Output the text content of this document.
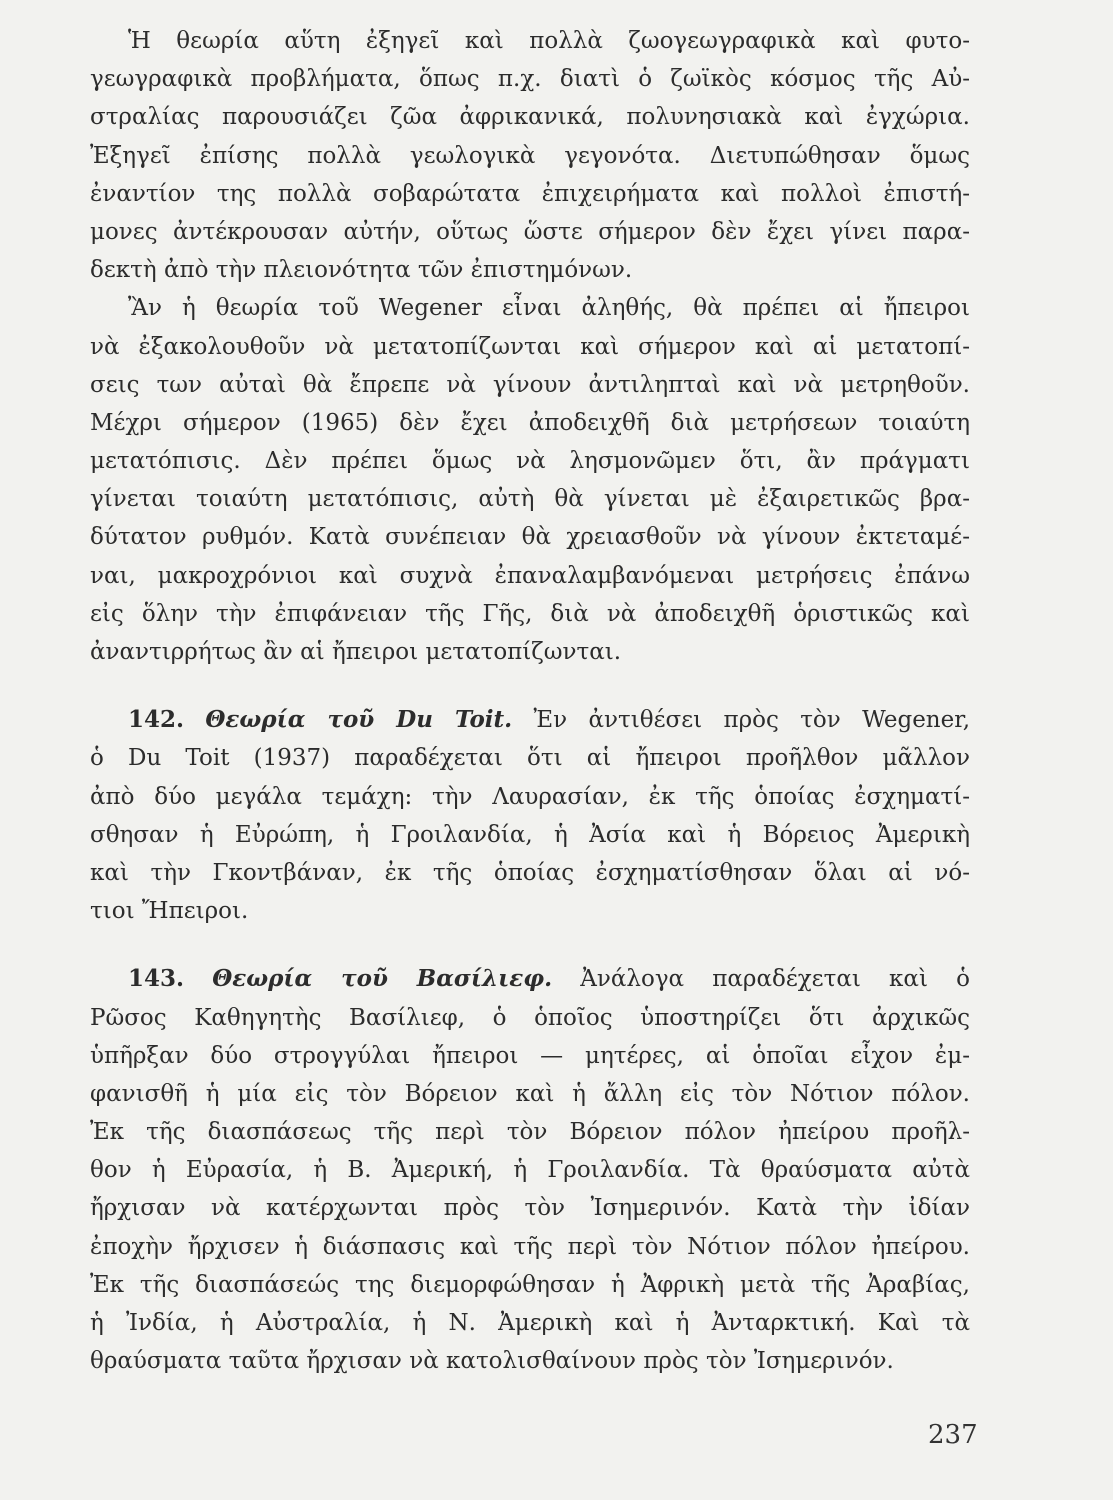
Ἡ θεωρία αὕτη ἐξηγεῖ καὶ πολλὰ ζωογεωγραφικὰ καὶ φυτο-
γεωγραφικὰ προβλήματα, ὅπως π.χ. διατὶ ὁ ζωϊκὸς κόσμος τῆς Αὐ-
στραλίας παρουσιάζει ζῶα ἀφρικανικά, πολυνησιακὰ καὶ ἐγχώρια.
Ἐξηγεῖ ἐπίσης πολλὰ γεωλογικὰ γεγονότα. Διετυπώθησαν ὅμως
ἐναντίον της πολλὰ σοβαρώτατα ἐπιχειρήματα καὶ πολλοὶ ἐπιστή-
μονες ἀντέκρουσαν αὐτήν, οὕτως ὥστε σήμερον δὲν ἔχει γίνει παρα-
δεκτὴ ἀπὸ τὴν πλειονότητα τῶν ἐπιστημόνων.
Ἂν ἡ θεωρία τοῦ Wegener εἶναι ἀληθής, θὰ πρέπει αἱ ἤπειροι
νὰ ἐξακολουθοῦν νὰ μετατοπίζωνται καὶ σήμερον καὶ αἱ μετατοπί-
σεις των αὐταὶ θὰ ἔπρεπε νὰ γίνουν ἀντιληπταὶ καὶ νὰ μετρηθοῦν.
Μέχρι σήμερον (1965) δὲν ἔχει ἀποδειχθῆ διὰ μετρήσεων τοιαύτη
μετατόπισις. Δὲν πρέπει ὅμως νὰ λησμονῶμεν ὅτι, ἂν πράγματι
γίνεται τοιαύτη μετατόπισις, αὐτὴ θὰ γίνεται μὲ ἐξαιρετικῶς βρα-
δύτατον ρυθμόν. Κατὰ συνέπειαν θὰ χρειασθοῦν νὰ γίνουν ἐκτεταμέ-
ναι, μακροχρόνιοι καὶ συχνὰ ἐπαναλαμβανόμεναι μετρήσεις ἐπάνω
εἰς ὅλην τὴν ἐπιφάνειαν τῆς Γῆς, διὰ νὰ ἀποδειχθῆ ὁριστικῶς καὶ
ἀναντιρρήτως ἂν αἱ ἤπειροι μετατοπίζωνται.
142. Θεωρία τοῦ Du Toit. Ἐν ἀντιθέσει πρὸς τὸν Wegener,
ὁ Du Toit (1937) παραδέχεται ὅτι αἱ ἤπειροι προῆλθον μᾶλλον
ἀπὸ δύο μεγάλα τεμάχη: τὴν Λαυρασίαν, ἐκ τῆς ὁποίας ἐσχηματί-
σθησαν ἡ Εὐρώπη, ἡ Γροιλανδία, ἡ Ἀσία καὶ ἡ Βόρειος Ἀμερικὴ
καὶ τὴν Γκοντβάναν, ἐκ τῆς ὁποίας ἐσχηματίσθησαν ὅλαι αἱ νό-
τιοι Ἤπειροι.
143. Θεωρία τοῦ Βασίλιεφ. Ἀνάλογα παραδέχεται καὶ ὁ
Ρῶσος Καθηγητὴς Βασίλιεφ, ὁ ὁποῖος ὑποστηρίζει ὅτι ἀρχικῶς
ὑπῆρξαν δύο στρογγύλαι ἤπειροι — μητέρες, αἱ ὁποῖαι εἶχον ἐμ-
φανισθῆ ἡ μία εἰς τὸν Βόρειον καὶ ἡ ἄλλη εἰς τὸν Νότιον πόλον.
Ἐκ τῆς διασπάσεως τῆς περὶ τὸν Βόρειον πόλον ἠπείρου προῆλ-
θον ἡ Εὐρασία, ἡ Β. Ἀμερική, ἡ Γροιλανδία. Τὰ θραύσματα αὐτὰ
ἤρχισαν νὰ κατέρχωνται πρὸς τὸν Ἰσημερινόν. Κατὰ τὴν ἰδίαν
ἐποχὴν ἤρχισεν ἡ διάσπασις καὶ τῆς περὶ τὸν Νότιον πόλον ἠπείρου.
Ἐκ τῆς διασπάσεώς της διεμορφώθησαν ἡ Ἀφρικὴ μετὰ τῆς Ἀραβίας,
ἡ Ἰνδία, ἡ Αὐστραλία, ἡ Ν. Ἀμερικὴ καὶ ἡ Ἀνταρκτική. Καὶ τὰ
θραύσματα ταῦτα ἤρχισαν νὰ κατολισθαίνουν πρὸς τὸν Ἰσημερινόν.
237
